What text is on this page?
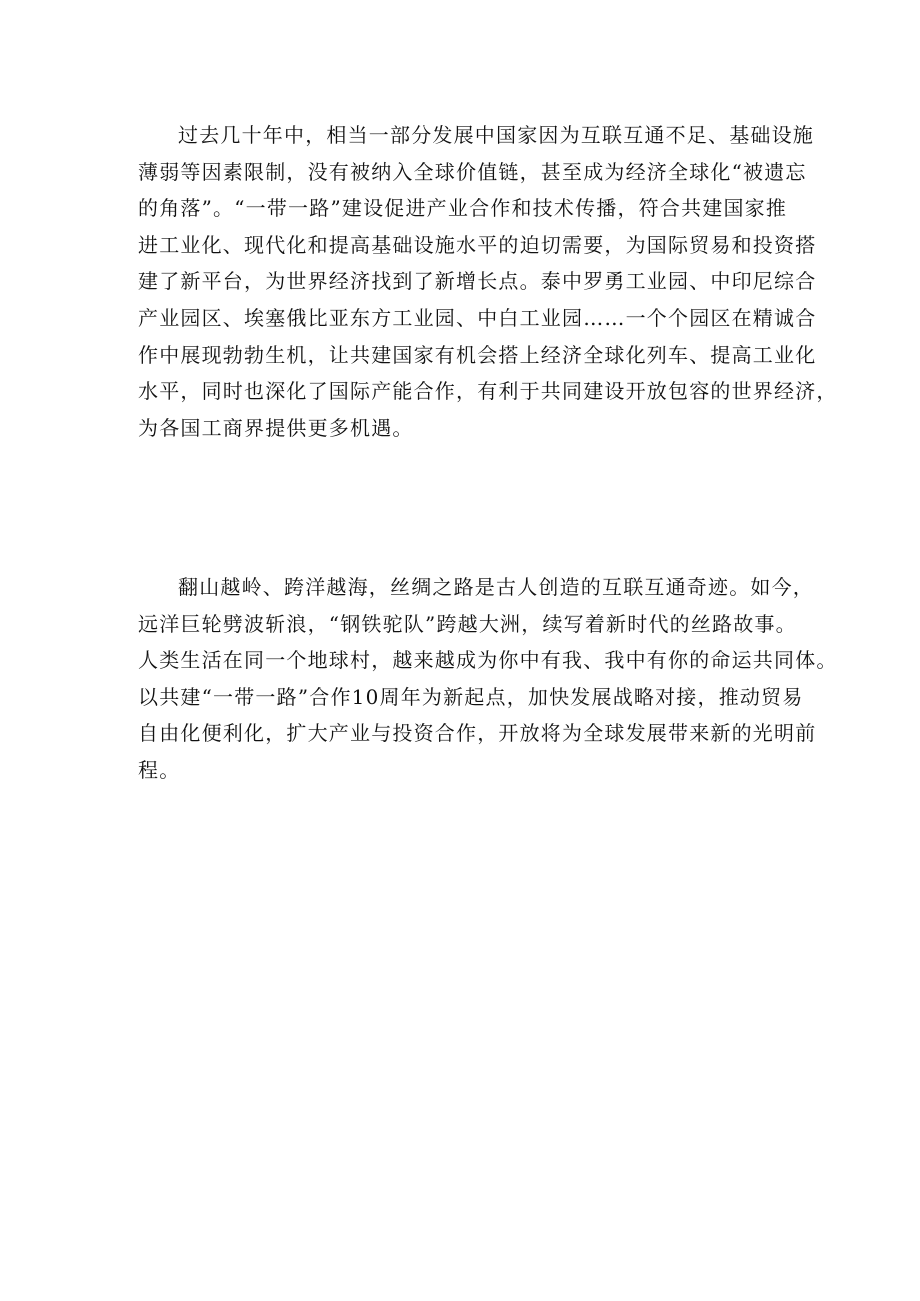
过去几十年中，相当一部分发展中国家因为互联互通不足、基础设施
薄弱等因素限制，没有被纳入全球价值链，甚至成为经济全球化“被遗忘
的角落”。“一带一路”建设促进产业合作和技术传播，符合共建国家推
进工业化、现代化和提高基础设施水平的迫切需要，为国际贸易和投资搭
建了新平台，为世界经济找到了新增长点。泰中罗勇工业园、中印尼综合
产业园区、埃塞俄比亚东方工业园、中白工业园……一个个园区在精诚合
作中展现勃勃生机，让共建国家有机会搭上经济全球化列车、提高工业化
水平，同时也深化了国际产能合作，有利于共同建设开放包容的世界经济，
为各国工商界提供更多机遇。
翻山越岭、跨洋越海，丝绸之路是古人创造的互联互通奇迹。如今，
远洋巨轮劈波斩浪，“钢铁驼队”跨越大洲，续写着新时代的丝路故事。
人类生活在同一个地球村，越来越成为你中有我、我中有你的命运共同体。
以共建“一带一路”合作10周年为新起点，加快发展战略对接，推动贸易
自由化便利化，扩大产业与投资合作，开放将为全球发展带来新的光明前
程。
